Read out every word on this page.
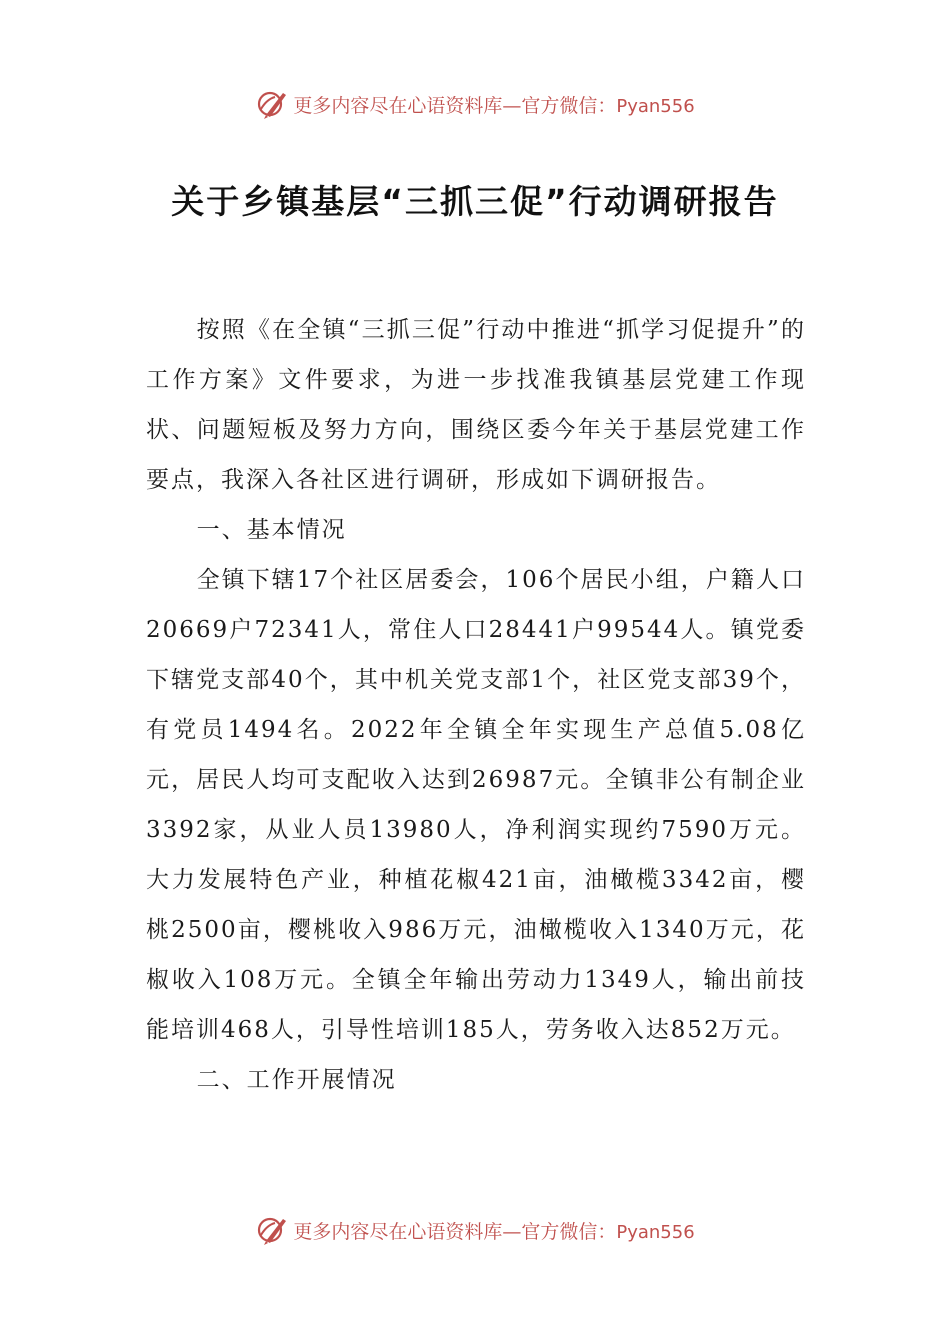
更多内容尽在心语资料库—官方微信：Pyan556
关于乡镇基层“三抓三促”行动调研报告

按照《在全镇“三抓三促”行动中推进“抓学习促提升”的工作方案》文件要求，为进一步找准我镇基层党建工作现状、问题短板及努力方向，围绕区委今年关于基层党建工作要点，我深入各社区进行调研，形成如下调研报告。

一、基本情况

全镇下辖17个社区居委会，106个居民小组，户籍人口20669户72341人，常住人口28441户99544人。镇党委下辖党支部40个，其中机关党支部1个，社区党支部39个，有党员1494名。2022年全镇全年实现生产总值5.08亿元，居民人均可支配收入达到26987元。全镇非公有制企业3392家，从业人员13980人，净利润实现约7590万元。大力发展特色产业，种植花椒421亩，油橄榄3342亩，樱桃2500亩，樱桃收入986万元，油橄榄收入1340万元，花椒收入108万元。全镇全年输出劳动力1349人，输出前技能培训468人，引导性培训185人，劳务收入达852万元。

二、工作开展情况

更多内容尽在心语资料库—官方微信：Pyan556
